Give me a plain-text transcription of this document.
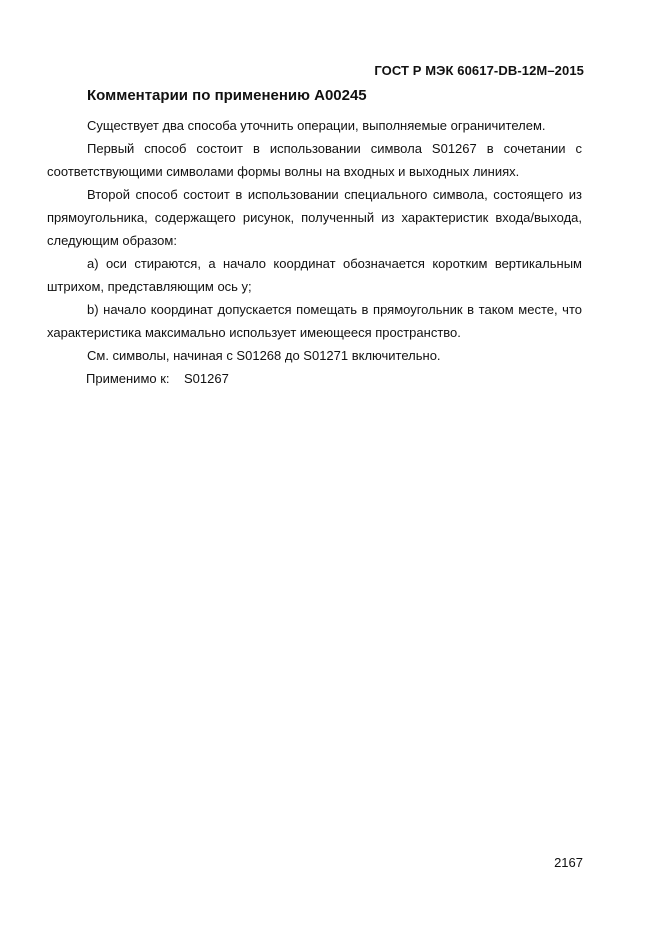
ГОСТ Р МЭК 60617-DB-12M–2015
Комментарии по применению A00245

Существует два способа уточнить операции, выполняемые ограничителем.

Первый способ состоит в использовании символа S01267 в сочетании с соответствующими символами формы волны на входных и выходных линиях.

Второй способ состоит в использовании специального символа, состоящего из прямоугольника, содержащего рисунок, полученный из характеристик входа/выхода, следующим образом:

а) оси стираются, а начало координат обозначается коротким вертикальным штрихом, представляющим ось y;

b) начало координат допускается помещать в прямоугольник в таком месте, что характеристика максимально использует имеющееся пространство.

См. символы, начиная с S01268 до S01271 включительно.

Применимо к: S01267

2167
